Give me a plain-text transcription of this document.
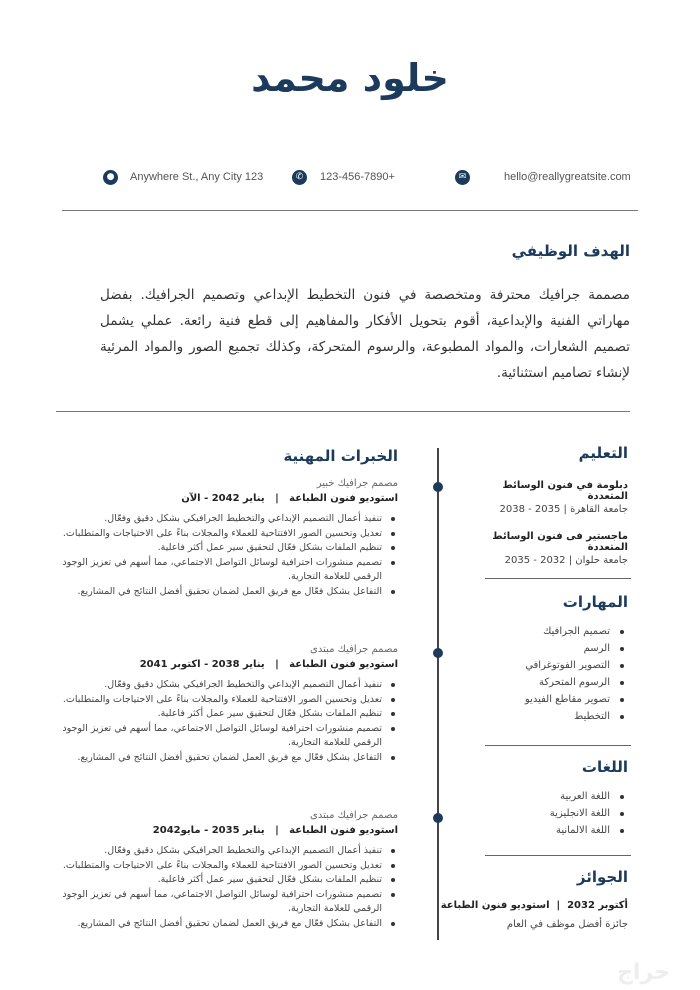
خلود محمد
●	Anywhere St., Any City 123	✆	123-456-7890+	✉	hello@reallygreatsite.com
الهدف الوظيفي

مصممة جرافيك محترفة ومتخصصة في فنون التخطيط الإبداعي وتصميم الجرافيك. بفضل مهاراتي الفنية والإبداعية، أقوم بتحويل الأفكار والمفاهيم إلى قطع فنية رائعة. عملي يشمل تصميم الشعارات، والمواد المطبوعة، والرسوم المتحركة، وكذلك تجميع الصور والمواد المرئية لإنشاء تصاميم استثنائية.

الخبرات المهنية

مصمم جرافيك خبير

استوديو فنون الطباعة   |   يناير 2042 - الآن

تنفيذ أعمال التصميم الإبداعي والتخطيط الجرافيكي بشكل دقيق وفعّال.
تعديل وتحسين الصور الافتتاحية للعملاء والمجلات بناءً على الاحتياجات والمتطلبات.
تنظيم الملفات بشكل فعّال لتحقيق سير عمل أكثر فاعلية.
تصميم منشورات احترافية لوسائل التواصل الاجتماعي، مما أسهم في تعزيز الوجود الرقمي للعلامة التجارية.
التفاعل بشكل فعّال مع فريق العمل لضمان تحقيق أفضل النتائج في المشاريع.

مصمم جرافيك مبتدى

استوديو فنون الطباعة   |   يناير 2038 - اكتوبر 2041

تنفيذ أعمال التصميم الإبداعي والتخطيط الجرافيكي بشكل دقيق وفعّال.
تعديل وتحسين الصور الافتتاحية للعملاء والمجلات بناءً على الاحتياجات والمتطلبات.
تنظيم الملفات بشكل فعّال لتحقيق سير عمل أكثر فاعلية.
تصميم منشورات احترافية لوسائل التواصل الاجتماعي، مما أسهم في تعزيز الوجود الرقمي للعلامة التجارية.
التفاعل بشكل فعّال مع فريق العمل لضمان تحقيق أفضل النتائج في المشاريع.

مصمم جرافيك مبتدى

استوديو فنون الطباعة   |   يناير 2035 - مايو2042

تنفيذ أعمال التصميم الإبداعي والتخطيط الجرافيكي بشكل دقيق وفعّال.
تعديل وتحسين الصور الافتتاحية للعملاء والمجلات بناءً على الاحتياجات والمتطلبات.
تنظيم الملفات بشكل فعّال لتحقيق سير عمل أكثر فاعلية.
تصميم منشورات احترافية لوسائل التواصل الاجتماعي، مما أسهم في تعزيز الوجود الرقمي للعلامة التجارية.
التفاعل بشكل فعّال مع فريق العمل لضمان تحقيق أفضل النتائج في المشاريع.
التعليم

دبلومة في فنون الوسائط المتعددة

جامعة القاهرة | 2035 - 2038

ماجستير فى فنون الوسائط المتعددة

جامعة حلوان | 2032 - 2035

المهارات
تصميم الجرافيك
الرسم
التصوير الفوتوغرافي
الرسوم المتحركة
تصوير مقاطع الفيديو
التخطيط
اللغات
اللغة العربية
اللغة الانجليزية
اللغة الالمانية
الجوائز

أكتوبر 2032  |  استوديو فنون الطباعة

جائزة أفضل موظف في العام

حراج
